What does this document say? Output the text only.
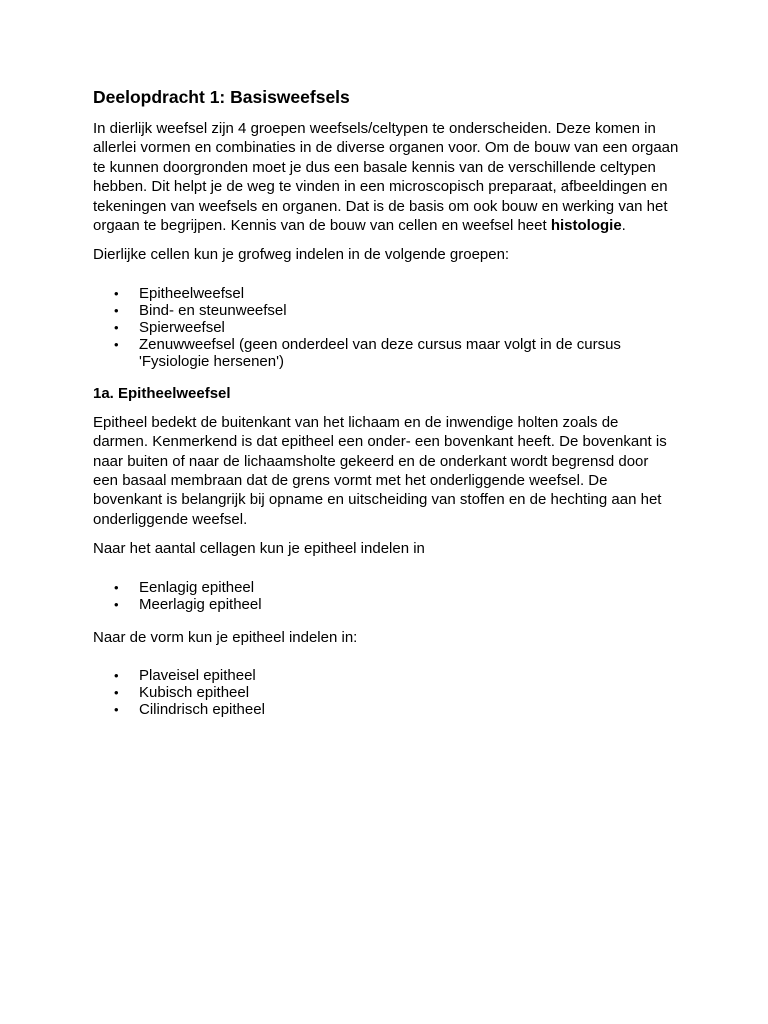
Deelopdracht 1: Basisweefsels

In dierlijk weefsel zijn 4 groepen weefsels/celtypen te onderscheiden. Deze komen in allerlei vormen en combinaties in de diverse organen voor. Om de bouw van een orgaan te kunnen doorgronden moet je dus een basale kennis van de verschillende celtypen hebben. Dit helpt je de weg te vinden in een microscopisch preparaat, afbeeldingen en tekeningen van weefsels en organen. Dat is de basis om ook bouw en werking van het orgaan te begrijpen. Kennis van de bouw van cellen en weefsel heet histologie.

Dierlijke cellen kun je grofweg indelen in de volgende groepen:

• Epitheelweefsel
• Bind- en steunweefsel
• Spierweefsel
• Zenuwweefsel (geen onderdeel van deze cursus maar volgt in de cursus 'Fysiologie hersenen')
1a. Epitheelweefsel

Epitheel bedekt de buitenkant van het lichaam en de inwendige holten zoals de darmen. Kenmerkend is dat epitheel een onder- een bovenkant heeft. De bovenkant is naar buiten of naar de lichaamsholte gekeerd en de onderkant wordt begrensd door een basaal membraan dat de grens vormt met het onderliggende weefsel. De bovenkant is belangrijk bij opname en uitscheiding van stoffen en de hechting aan het onderliggende weefsel.

Naar het aantal cellagen kun je epitheel indelen in

• Eenlagig epitheel
• Meerlagig epitheel

Naar de vorm kun je epitheel indelen in:

• Plaveisel epitheel
• Kubisch epitheel
• Cilindrisch epitheel
